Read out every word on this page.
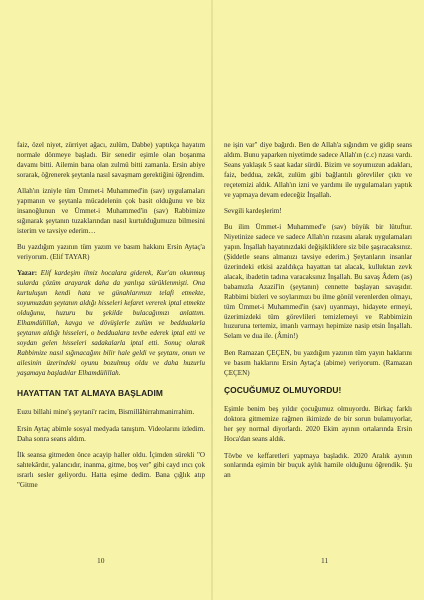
faiz, özel niyet, zürriyet ağacı, zulüm, Dabbe) yaptıkça hayatım normale dönmeye başladı. Bir senedir eşimle olan boşanma davamı bitti. Ailemin bana olan zulmü bitti zamanla. Ersin abiye sorarak, öğrenerek şeytanla nasıl savaşmam gerektiğini öğrendim.

Allah'ın izniyle tüm Ümmet-i Muhammed'in (sav) uygulamaları yapmanın ve şeytanla mücadelenin çok basit olduğunu ve biz insanoğlunun ve Ümmet-i Muhammed'in (sav) Rabbimize sığınarak şeytanın tuzaklarından nasıl kurtulduğumuzu bilmesini isterim ve tavsiye ederim…

Bu yazdığım yazının tüm yazım ve basım hakkını Ersin Aytaç'a veriyorum. (Elif TAYAR)

Yazar: Elif kardeşim ilmiz hocalara giderek, Kur'an okunmuş sularda çözüm arayarak daha da yanlışa sürüklenmişti. Ona kurtuluşun kendi hata ve günahlarımızı telafi etmekte, soyumuzdan şeytanın aldığı hisseleri kefaret vererek iptal etmekte olduğunu, huzuru bu şekilde bulacağımızı anlattım. Elhamdülillah, kavga ve dövüşlerle zulüm ve beddualarla şeytanın aldığı hisseleri, o beddualara tevbe ederek iptal etti ve soydan gelen hisseleri sadakalarla iptal etti. Sonuç olarak Rabbimize nasıl sığınacağını bilir hale geldi ve şeytanı, onun ve ailesinin üzerindeki oyunu bozulmuş oldu ve daha huzurlu yaşamaya başladılar Elhamdülillah.

HAYATTAN TAT ALMAYA BAŞLADIM

Euzu billahi mine'ş şeytani'r racim, Bismillâhirrahmanirrahim.

Ersin Aytaç abimle sosyal medyada tanıştım. Videolarını izledim. Daha sonra seans aldım.

İlk seansa gitmeden önce acayip haller oldu. İçimden sürekli "O sahtekârdır, yalancıdır, inanma, gitme, boş ver" gibi cayd ırıcı çok ısrarlı sesler geliyordu. Hatta eşime dedim. Bana çığlık atıp "Gitme

10

ne işin var" diye bağırdı. Ben de Allah'a sığındım ve gidip seans aldım. Bunu yaparken niyetimde sadece Allah'ın (c.c) rızası vardı. Seans yaklaşık 5 saat kadar sürdü. Bizim ve soyumuzun adakları, faiz, bedduа, zekât, zulüm gibi bağlantılı görevliler çıktı ve reçetemizi aldık. Allah'ın izni ve yardımı ile uygulamaları yaptık ve yapmaya devam edeceğiz İnşallah.

Sevgili kardeşlerim!

Bu ilim Ümmet-i Muhammed'e (sav) büyük bir lütuftur. Niyetinize sadece ve sadece Allah'ın rızasını alarak uygulamaları yapın. İnşallah hayatınızdaki değişikliklere siz bile şaşıracaksınız.(Şiddetle seans almanızı tavsiye ederim.) Şeytanların insanlar üzerindeki etkisi azaldıkça hayattan tat alacak, kulluktan zevk alacak, ibadetin tadına varacaksınız İnşallah. Bu savaş Âdem (as) babamızla Azazil'in (şeytanın) cennette başlayan savaşıdır. Rabbimi bizleri ve soylarımızı bu ilme gönül verenlerden olmayı, tüm Ümmet-i Muhammed'in (sav) uyanmayı, hidayete ermeyi, üzerimizdeki tüm görevlileri temizlemeyi ve Rabbimizin huzuruna tertemiz, imanlı varmayı hepimize nasip etsin İnşallah. Selam ve dua ile. (Âmin!)

Ben Ramazan ÇEÇEN, bu yazdığım yazının tüm yayın haklarını ve basım haklarını Ersin Aytaç'a (abime) veriyorum. (Ramazan ÇEÇEN)

ÇOCUĞUMUZ OLMUYORDU!

Eşimle benim beş yıldır çocuğumuz olmuyordu. Birkaç farklı doktora gitmemize rağmen ikimizde de bir sorun bulamıyorlar, her şey normal diyorlardı. 2020 Ekim ayının ortalarında Ersin Hoca'dan seans aldık.

Tövbe ve keffaretleri yapmaya başladık. 2020 Aralık ayının sonlarında eşimin bir buçuk aylık hamile olduğunu öğrendik. Şu an

11
